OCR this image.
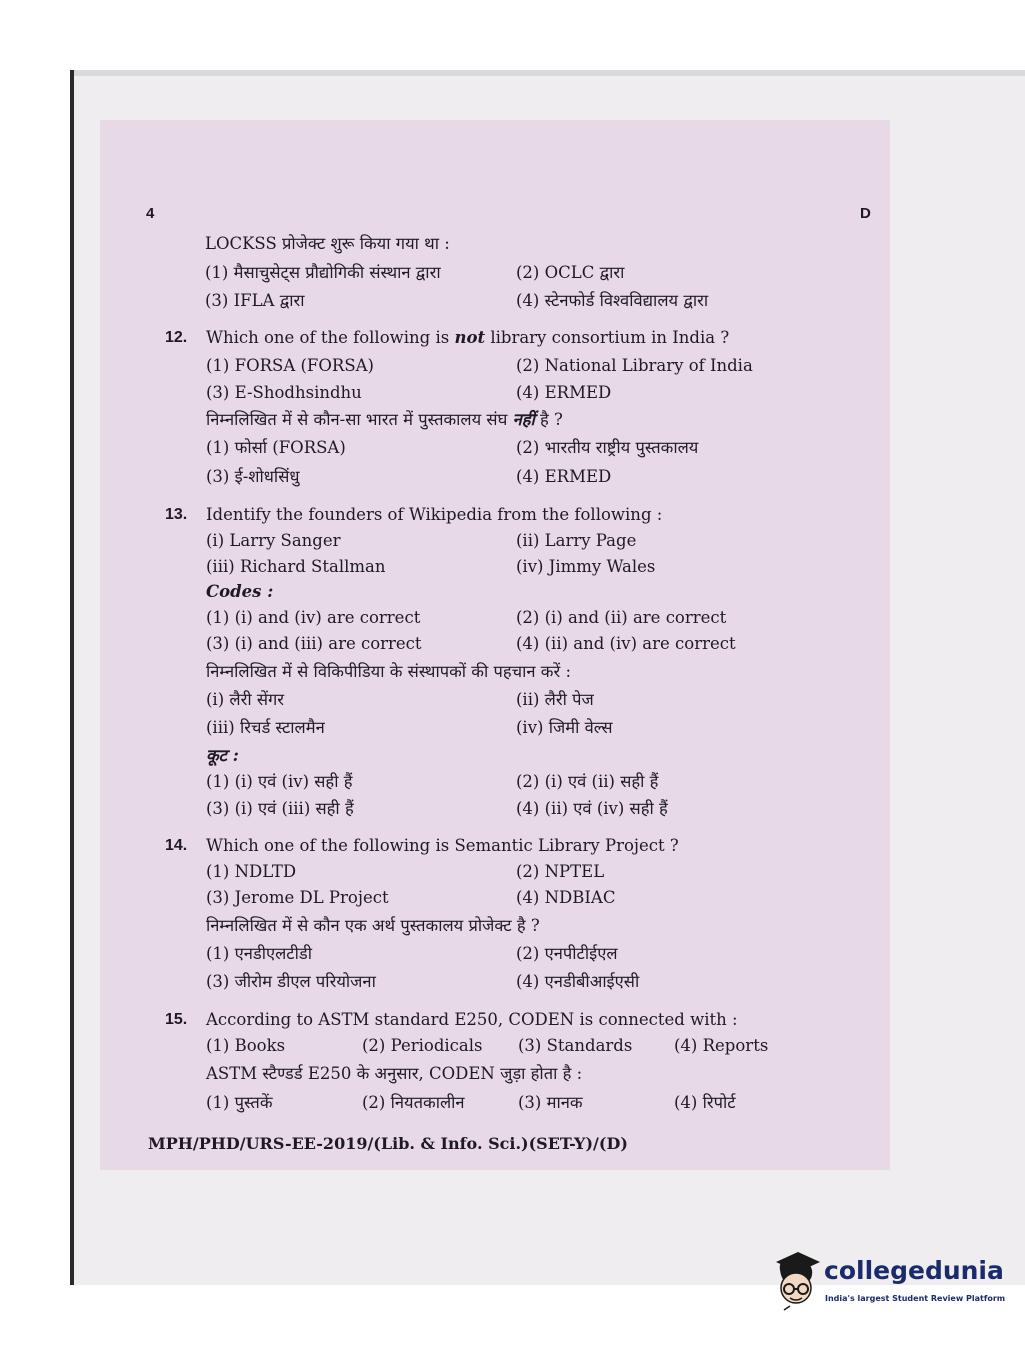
4	D
LOCKSS प्रोजेक्ट शुरू किया गया था :
(1) मैसाचुसेट्स प्रौद्योगिकी संस्थान द्वारा	(2) OCLC द्वारा
(3) IFLA द्वारा	(4) स्टेनफोर्ड विश्वविद्यालय द्वारा
12. Which one of the following is not library consortium in India ?
(1) FORSA (FORSA)	(2) National Library of India
(3) E-Shodhsindhu	(4) ERMED
निम्नलिखित में से कौन-सा भारत में पुस्तकालय संघ नहीं है ?
(1) फोर्सा (FORSA)	(2) भारतीय राष्ट्रीय पुस्तकालय
(3) ई-शोधसिंधु	(4) ERMED
13. Identify the founders of Wikipedia from the following :
(i) Larry Sanger	(ii) Larry Page
(iii) Richard Stallman	(iv) Jimmy Wales
Codes :
(1) (i) and (iv) are correct	(2) (i) and (ii) are correct
(3) (i) and (iii) are correct	(4) (ii) and (iv) are correct
निम्नलिखित में से विकिपीडिया के संस्थापकों की पहचान करें :
(i) लैरी सेंगर	(ii) लैरी पेज
(iii) रिचर्ड स्टालमैन	(iv) जिमी वेल्स
कूट :
(1) (i) एवं (iv) सही हैं	(2) (i) एवं (ii) सही हैं
(3) (i) एवं (iii) सही हैं	(4) (ii) एवं (iv) सही हैं
14. Which one of the following is Semantic Library Project ?
(1) NDLTD	(2) NPTEL
(3) Jerome DL Project	(4) NDBIAC
निम्नलिखित में से कौन एक अर्थ पुस्तकालय प्रोजेक्ट है ?
(1) एनडीएलटीडी	(2) एनपीटीईएल
(3) जीरोम डीएल परियोजना	(4) एनडीबीआईएसी
15. According to ASTM standard E250, CODEN is connected with :
(1) Books	(2) Periodicals (3) Standards	(4) Reports
ASTM स्टैण्डर्ड E250 के अनुसार, CODEN जुड़ा होता है :
(1) पुस्तकें	(2) नियतकालीन	(3) मानक	(4) रिपोर्ट
MPH/PHD/URS-EE-2019/(Lib. & Info. Sci.)(SET-Y)/(D)
collegedunia
India's largest Student Review Platform
